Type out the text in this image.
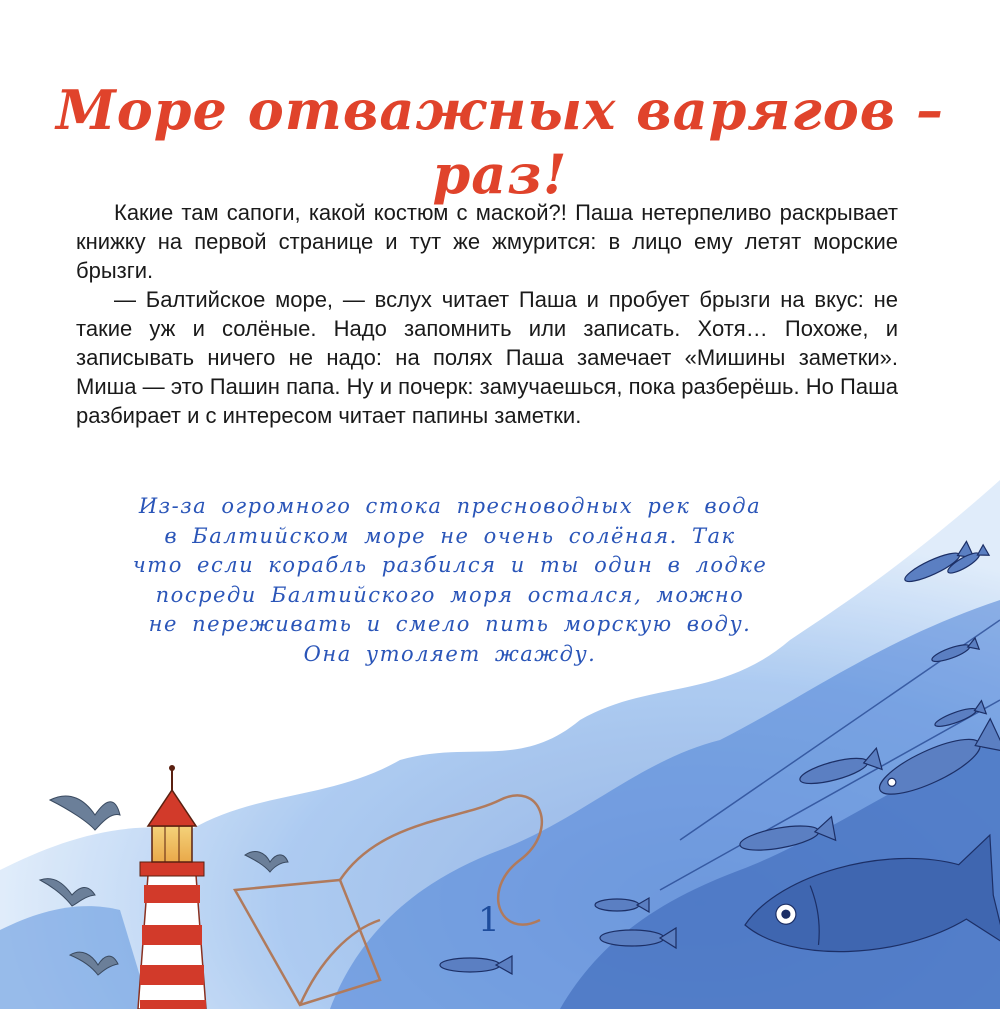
Море отважных варягов – раз!

Какие там сапоги, какой костюм с маской?! Паша нетерпеливо раскрывает книжку на первой странице и тут же жмурится: в лицо ему летят морские брызги.

— Балтийское море, — вслух читает Паша и пробует брызги на вкус: не такие уж и солёные. Надо запомнить или записать. Хотя… Похоже, и записывать ничего не надо: на полях Паша замечает «Мишины заметки». Миша — это Пашин папа. Ну и почерк: замучаешься, пока разберёшь. Но Паша разбирает и с интересом читает папины заметки.

Из-за огромного стока пресноводных рек вода
в Балтийском море не очень солёная. Так
что если корабль разбился и ты один в лодке
посреди Балтийского моря остался, можно
не переживать и смело пить морскую воду.
Она утоляет жажду.
1
